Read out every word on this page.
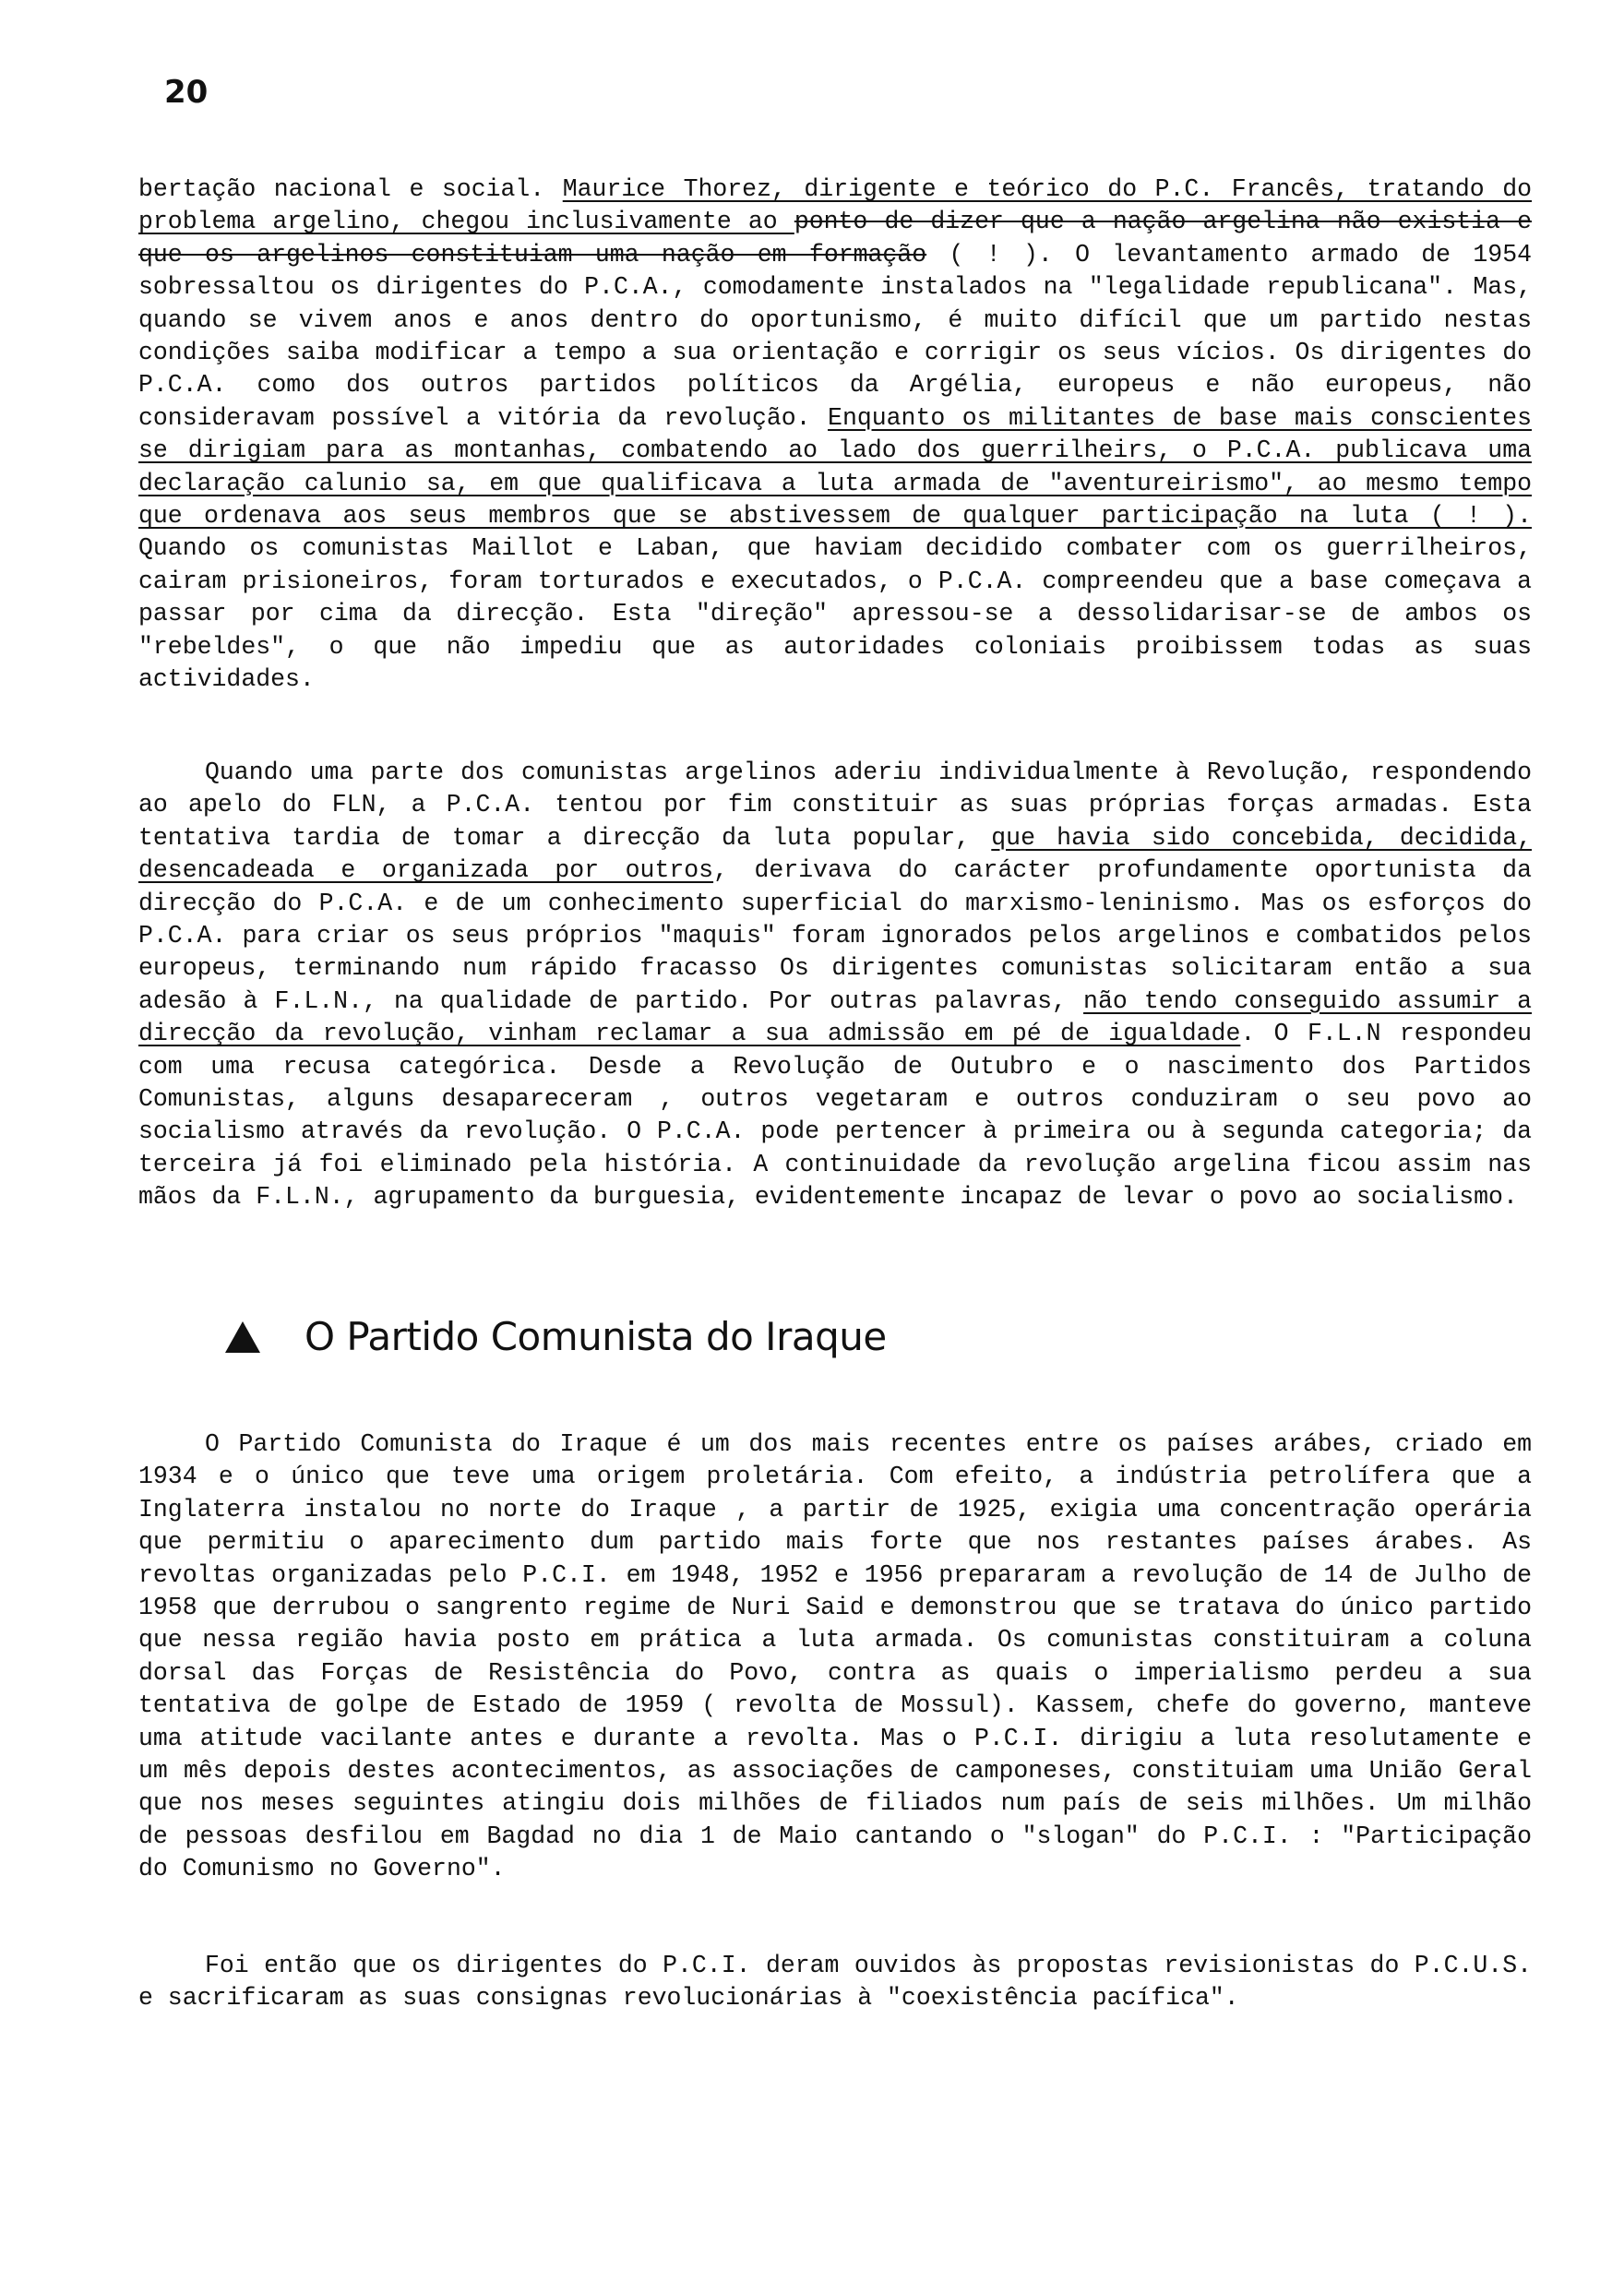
20

bertação nacional e social. Maurice Thorez, dirigente e teórico do P.C. Francês, tratando do problema argelino, chegou inclusivamente ao ponto de dizer que a nação argelina não existia e que os argelinos constituiam uma nação em formação ( ! ). O levantamento armado de 1954 sobressaltou os dirigentes do P.C.A., comodamente instalados na "legalidade republicana". Mas, quando se vivem anos e anos dentro do oportunismo, é muito difícil que um partido nestas condições saiba modificar a tempo a sua orientação e corrigir os seus vícios. Os dirigentes do P.C.A. como dos outros partidos políticos da Argélia, europeus e não europeus, não consideravam possível a vitória da revolução. Enquanto os militantes de base mais conscientes se dirigiam para as montanhas, combatendo ao lado dos guerrilheirs, o P.C.A. publicava uma declaração calunio sa, em que qualificava a luta armada de "aventureirismo", ao mesmo tempo que ordenava aos seus membros que se abstivessem de qualquer participação na luta ( ! ). Quando os comunistas Maillot e Laban, que haviam decidido combater com os guerrilheiros, cairam prisioneiros, foram torturados e executados, o P.C.A. compreendeu que a base começava a passar por cima da direcção. Esta "direção" apressou-se a dessolidarisar-se de ambos os "rebeldes", o que não impediu que as autoridades coloniais proibissem todas as suas actividades.

Quando uma parte dos comunistas argelinos aderiu individualmente à Revolução, respondendo ao apelo do FLN, a P.C.A. tentou por fim constituir as suas próprias forças armadas. Esta tentativa tardia de tomar a direcção da luta popular, que havia sido concebida, decidida, desencadeada e organizada por outros, derivava do carácter profundamente oportunista da direcção do P.C.A. e de um conhecimento superficial do marxismo-leninismo. Mas os esforços do P.C.A. para criar os seus próprios "maquis" foram ignorados pelos argelinos e combatidos pelos europeus, terminando num rápido fracasso Os dirigentes comunistas solicitaram então a sua adesão à F.L.N., na qualidade de partido. Por outras palavras, não tendo conseguido assumir a direcção da revolução, vinham reclamar a sua admissão em pé de igualdade. O F.L.N respondeu com uma recusa categórica. Desde a Revolução de Outubro e o nascimento dos Partidos Comunistas, alguns desapareceram , outros vegetaram e outros conduziram o seu povo ao socialismo através da revolução. O P.C.A. pode pertencer à primeira ou à segunda categoria; da terceira já foi eliminado pela história. A continuidade da revolução argelina ficou assim nas mãos da F.L.N., agrupamento da burguesia, evidentemente incapaz de levar o povo ao socialismo.

O Partido Comunista do Iraque

O Partido Comunista do Iraque é um dos mais recentes entre os países arábes, criado em 1934 e o único que teve uma origem proletária. Com efeito, a indústria petrolífera que a Inglaterra instalou no norte do Iraque , a partir de 1925, exigia uma concentração operária que permitiu o aparecimento dum partido mais forte que nos restantes países árabes. As revoltas organizadas pelo P.C.I. em 1948, 1952 e 1956 prepararam a revolução de 14 de Julho de 1958 que derrubou o sangrento regime de Nuri Said e demonstrou que se tratava do único partido que nessa região havia posto em prática a luta armada. Os comunistas constituiram a coluna dorsal das Forças de Resistência do Povo, contra as quais o imperialismo perdeu a sua tentativa de golpe de Estado de 1959 ( revolta de Mossul). Kassem, chefe do governo, manteve uma atitude vacilante antes e durante a revolta. Mas o P.C.I. dirigiu a luta resolutamente e um mês depois destes acontecimentos, as associações de camponeses, constituiam uma União Geral que nos meses seguintes atingiu dois milhões de filiados num país de seis milhões. Um milhão de pessoas desfilou em Bagdad no dia 1 de Maio cantando o "slogan" do P.C.I. : "Participação do Comunismo no Governo".

Foi então que os dirigentes do P.C.I. deram ouvidos às propostas revisionistas do P.C.U.S. e sacrificaram as suas consignas revolucionárias à "coexistência pacífica".
